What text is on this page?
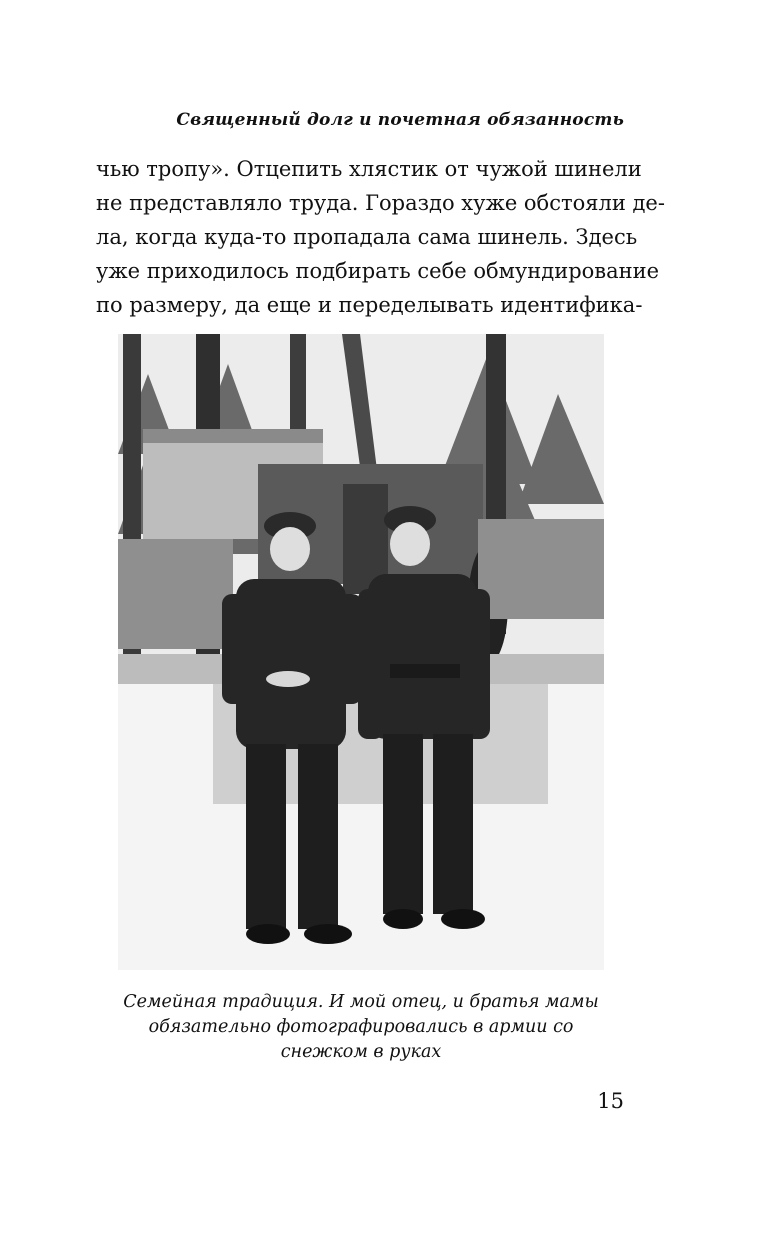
Священный долг и почетная обязанность
чью тропу». Отцепить хлястик от чужой шинели
не представляло труда. Гораздо хуже обстояли де-
ла, когда куда-то пропадала сама шинель. Здесь
уже приходилось подбирать себе обмундирование
по размеру, да еще и переделывать идентифика-
Семейная традиция. И мой отец, и братья мамы
обязательно фотографировались в армии со
снежком в руках
15
